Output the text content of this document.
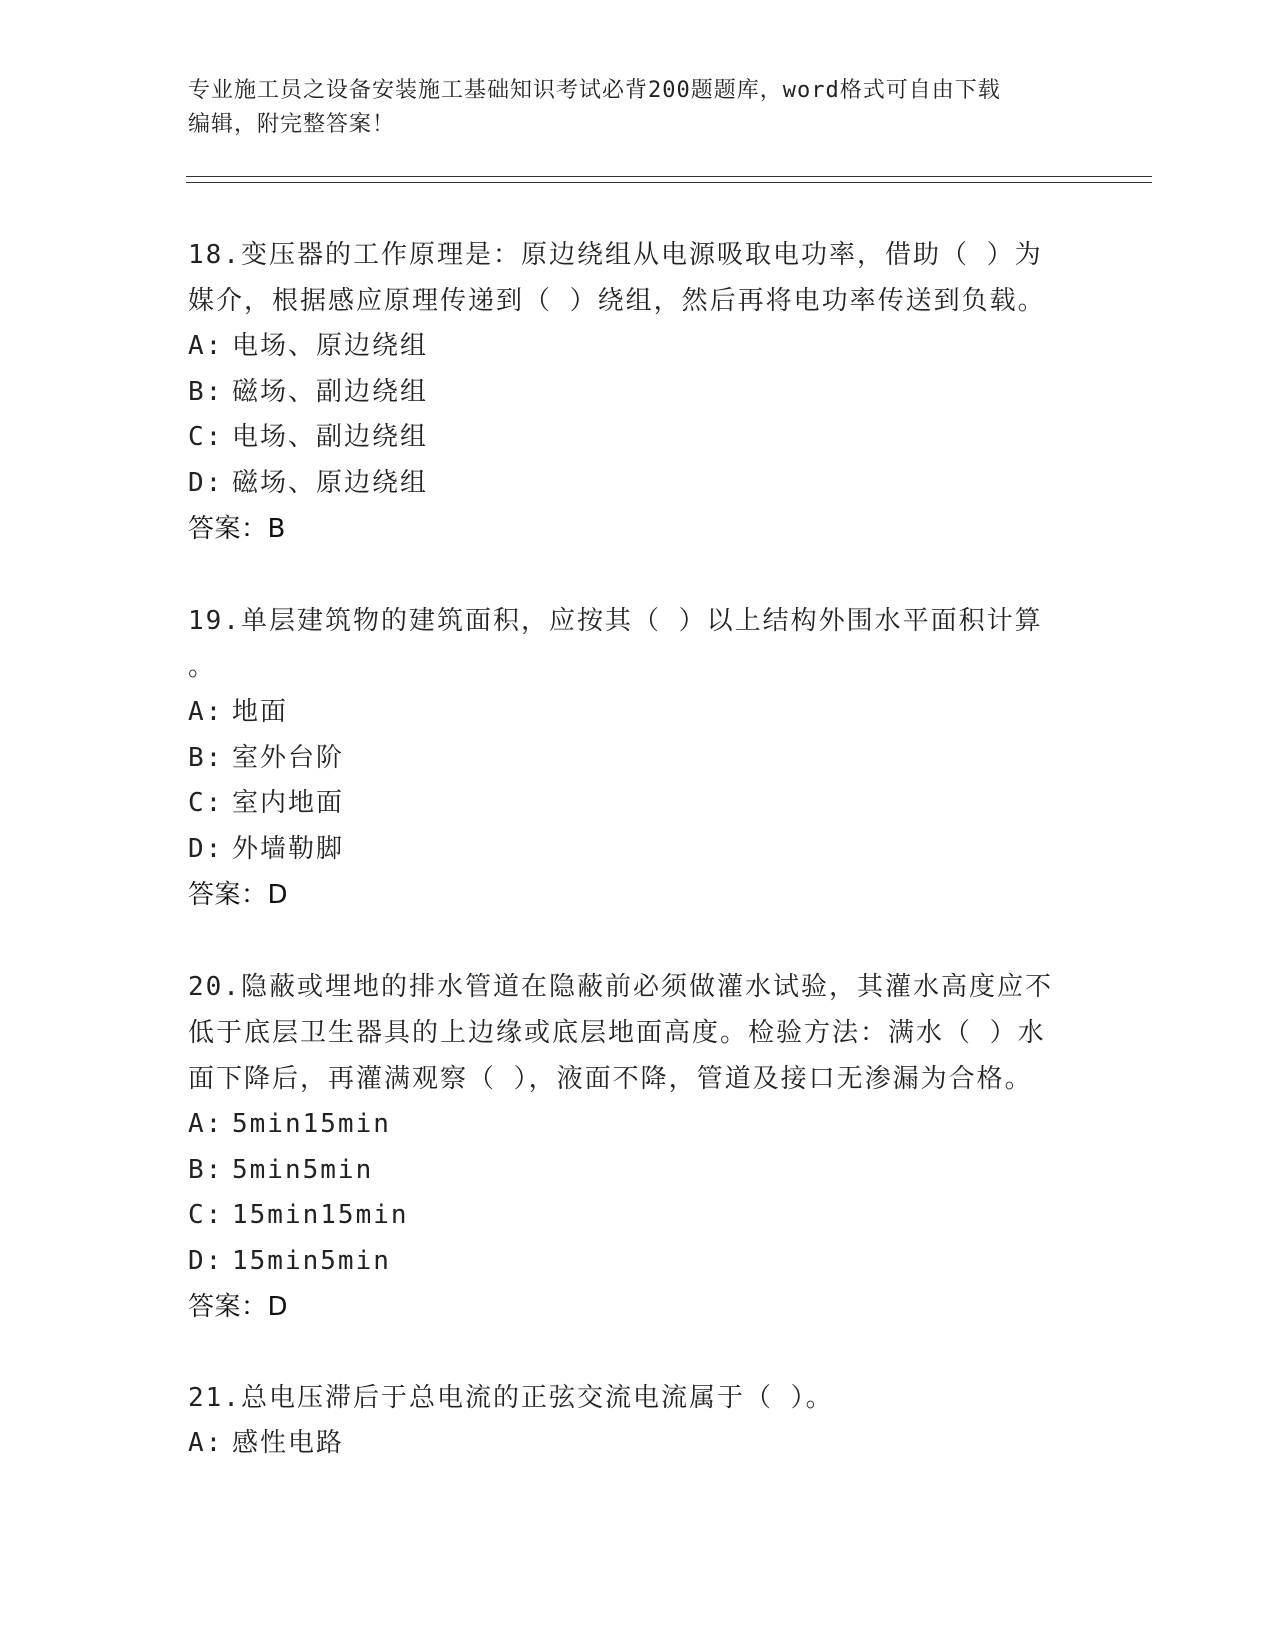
专业施工员之设备安装施工基础知识考试必背200题题库，word格式可自由下载
编辑，附完整答案！
18.变压器的工作原理是：原边绕组从电源吸取电功率，借助（ ）为
媒介，根据感应原理传递到（ ）绕组，然后再将电功率传送到负载。
A: 电场、原边绕组
B: 磁场、副边绕组
C: 电场、副边绕组
D: 磁场、原边绕组
答案：B
19.单层建筑物的建筑面积，应按其（ ）以上结构外围水平面积计算
。
A: 地面
B: 室外台阶
C: 室内地面
D: 外墙勒脚
答案：D
20.隐蔽或埋地的排水管道在隐蔽前必须做灌水试验，其灌水高度应不
低于底层卫生器具的上边缘或底层地面高度。检验方法：满水（ ）水
面下降后，再灌满观察（ ），液面不降，管道及接口无渗漏为合格。
A: 5min15min
B: 5min5min
C: 15min15min
D: 15min5min
答案：D
21.总电压滞后于总电流的正弦交流电流属于（ ）。
A: 感性电路
